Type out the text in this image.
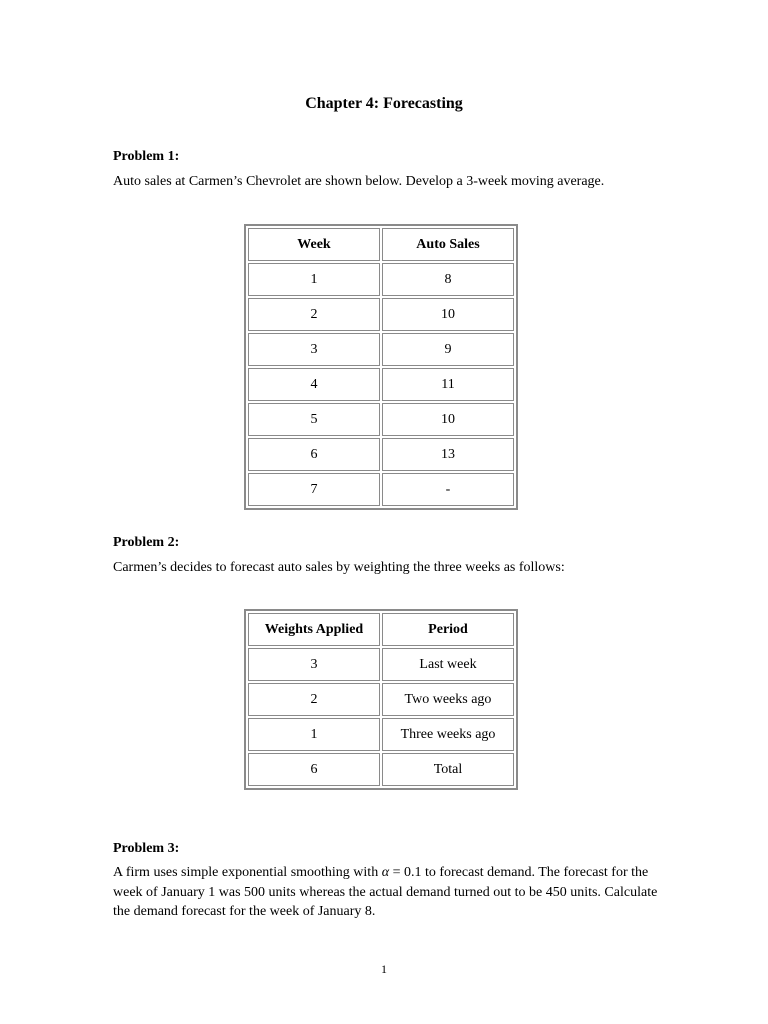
Chapter 4: Forecasting
Problem 1:
Auto sales at Carmen’s Chevrolet are shown below. Develop a 3-week moving average.
Week	Auto Sales
1	8
2	10
3	9
4	11
5	10
6	13
7	-
Problem 2:
Carmen’s decides to forecast auto sales by weighting the three weeks as follows:
Weights Applied	Period
3	Last week
2	Two weeks ago
1	Three weeks ago
6	Total
Problem 3:
A firm uses simple exponential smoothing with α = 0.1 to forecast demand. The forecast for the week of January 1 was 500 units whereas the actual demand turned out to be 450 units. Calculate the demand forecast for the week of January 8.
1
